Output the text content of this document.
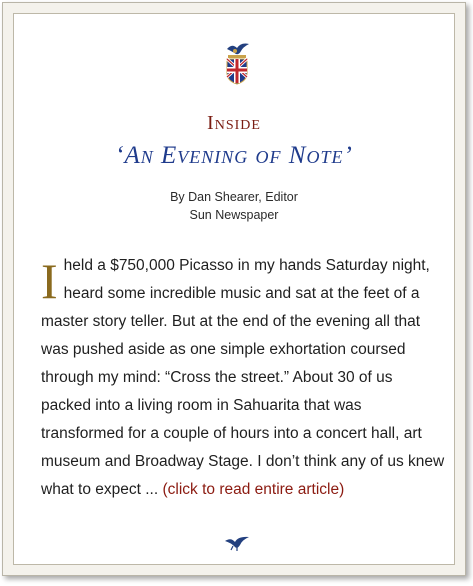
Inside
‘An Evening of Note’
By Dan Shearer, Editor
Sun Newspaper

I held a $750,000 Picasso in my hands Saturday night, heard some incredible music and sat at the feet of a master story teller. But at the end of the evening all that was pushed aside as one simple exhortation coursed through my mind: “Cross the street.” About 30 of us packed into a living room in Sahuarita that was transformed for a couple of hours into a concert hall, art museum and Broadway Stage. I don’t think any of us knew what to expect ... (click to read entire article)
